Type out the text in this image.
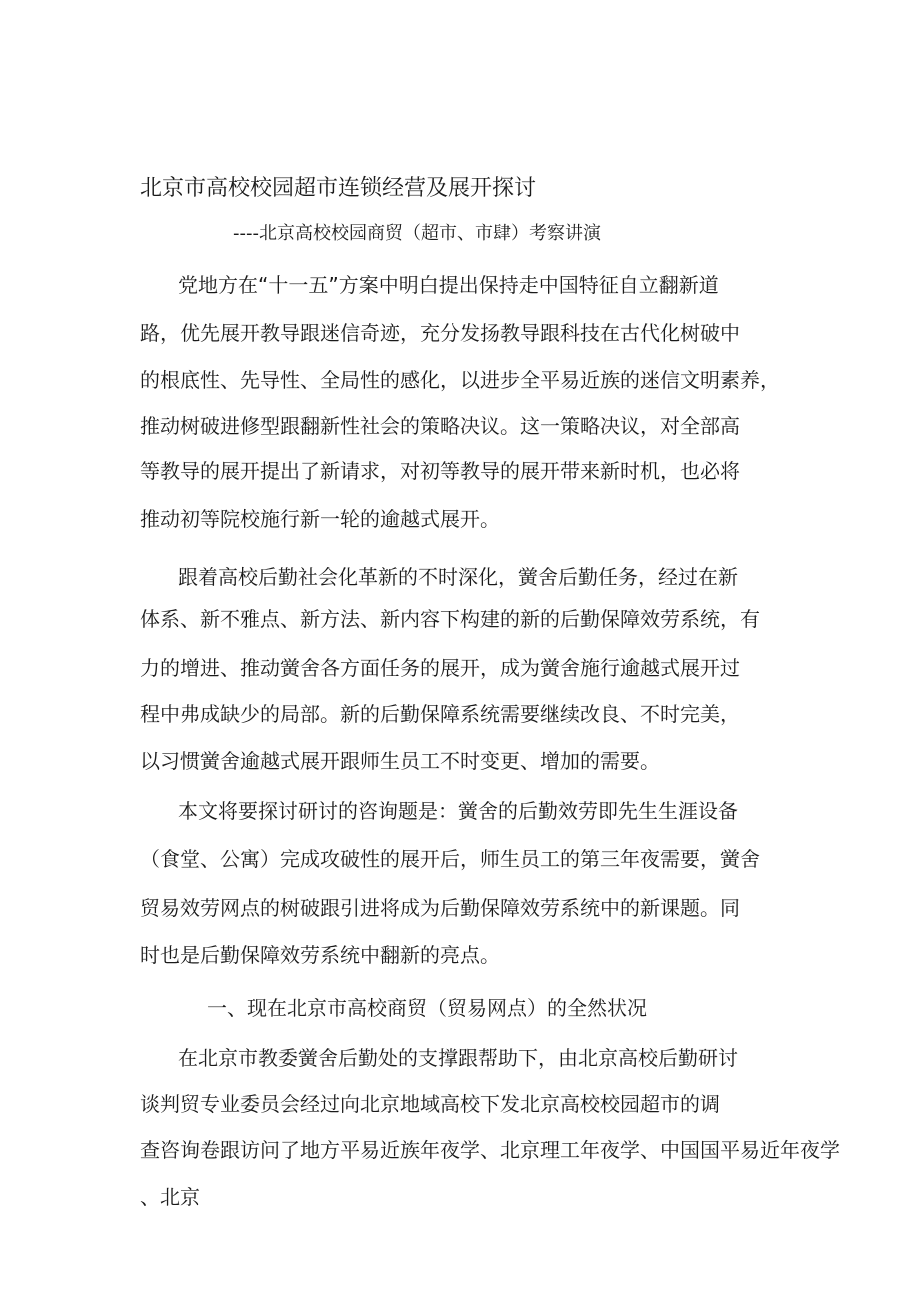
北京市高校校园超市连锁经营及展开探讨
----北京高校校园商贸（超市、市肆）考察讲演
党地方在“十一五”方案中明白提出保持走中国特征自立翻新道
路，优先展开教导跟迷信奇迹，充分发扬教导跟科技在古代化树破中
的根底性、先导性、全局性的感化，以进步全平易近族的迷信文明素养，
推动树破进修型跟翻新性社会的策略决议。这一策略决议，对全部高
等教导的展开提出了新请求，对初等教导的展开带来新时机，也必将
推动初等院校施行新一轮的逾越式展开。
跟着高校后勤社会化革新的不时深化，黉舍后勤任务，经过在新
体系、新不雅点、新方法、新内容下构建的新的后勤保障效劳系统，有
力的增进、推动黉舍各方面任务的展开，成为黉舍施行逾越式展开过
程中弗成缺少的局部。新的后勤保障系统需要继续改良、不时完美，
以习惯黉舍逾越式展开跟师生员工不时变更、增加的需要。
本文将要探讨研讨的咨询题是：黉舍的后勤效劳即先生生涯设备
（食堂、公寓）完成攻破性的展开后，师生员工的第三年夜需要，黉舍
贸易效劳网点的树破跟引进将成为后勤保障效劳系统中的新课题。同
时也是后勤保障效劳系统中翻新的亮点。
一、现在北京市高校商贸（贸易网点）的全然状况
在北京市教委黉舍后勤处的支撑跟帮助下，由北京高校后勤研讨
谈判贸专业委员会经过向北京地域高校下发北京高校校园超市的调
查咨询卷跟访问了地方平易近族年夜学、北京理工年夜学、中国国平易近年夜学
、北京
